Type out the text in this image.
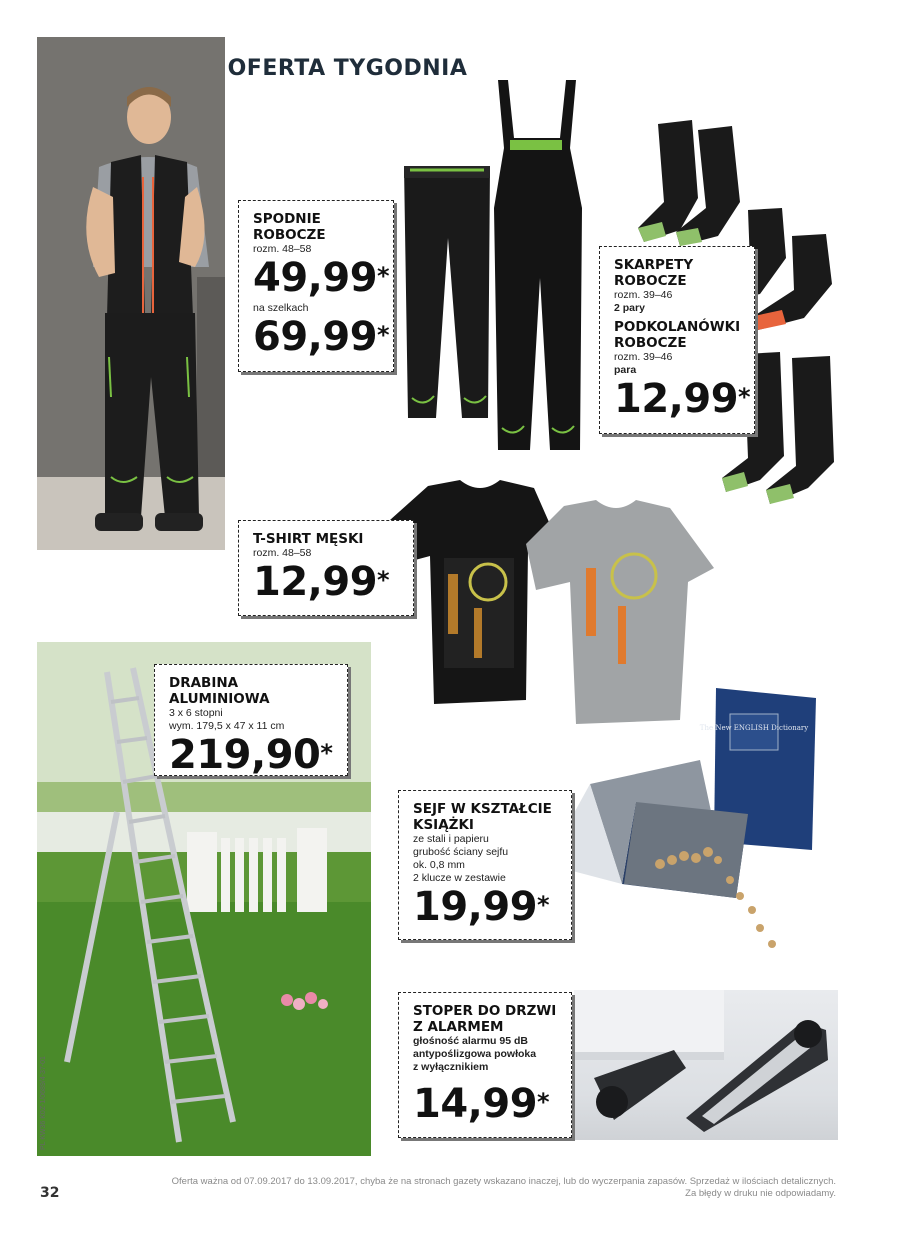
OFERTA TYGODNIA
SPODNIE
ROBOCZE
rozm. 48–58
49,99*
na szelkach
69,99*
SKARPETY
ROBOCZE
rozm. 39–46
2 pary
PODKOLANÓWKI
ROBOCZE
rozm. 39–46
para
12,99*
T-SHIRT MĘSKI
rozm. 48–58
12,99*
DRABINA ALUMINIOWA
3 x 6 stopni
wym. 179,5 x 47 x 11 cm
219,90*
The New ENGLISH Dictionary
SEJF W KSZTAŁCIE
KSIĄŻKI
ze stali i papieru
grubość ściany sejfu
ok. 0,8 mm
2 klucze w zestawie
19,99*
STOPER DO DRZWI
Z ALARMEM
głośność alarmu 95 dB
antypoślizgowa powłoka
z wyłącznikiem
14,99*
PL KW36 K0Z-1/0689/4-37-01
32
Oferta ważna od 07.09.2017 do 13.09.2017, chyba że na stronach gazety wskazano inaczej, lub do wyczerpania zapasów. Sprzedaż w ilościach detalicznych.
Za błędy w druku nie odpowiadamy.
